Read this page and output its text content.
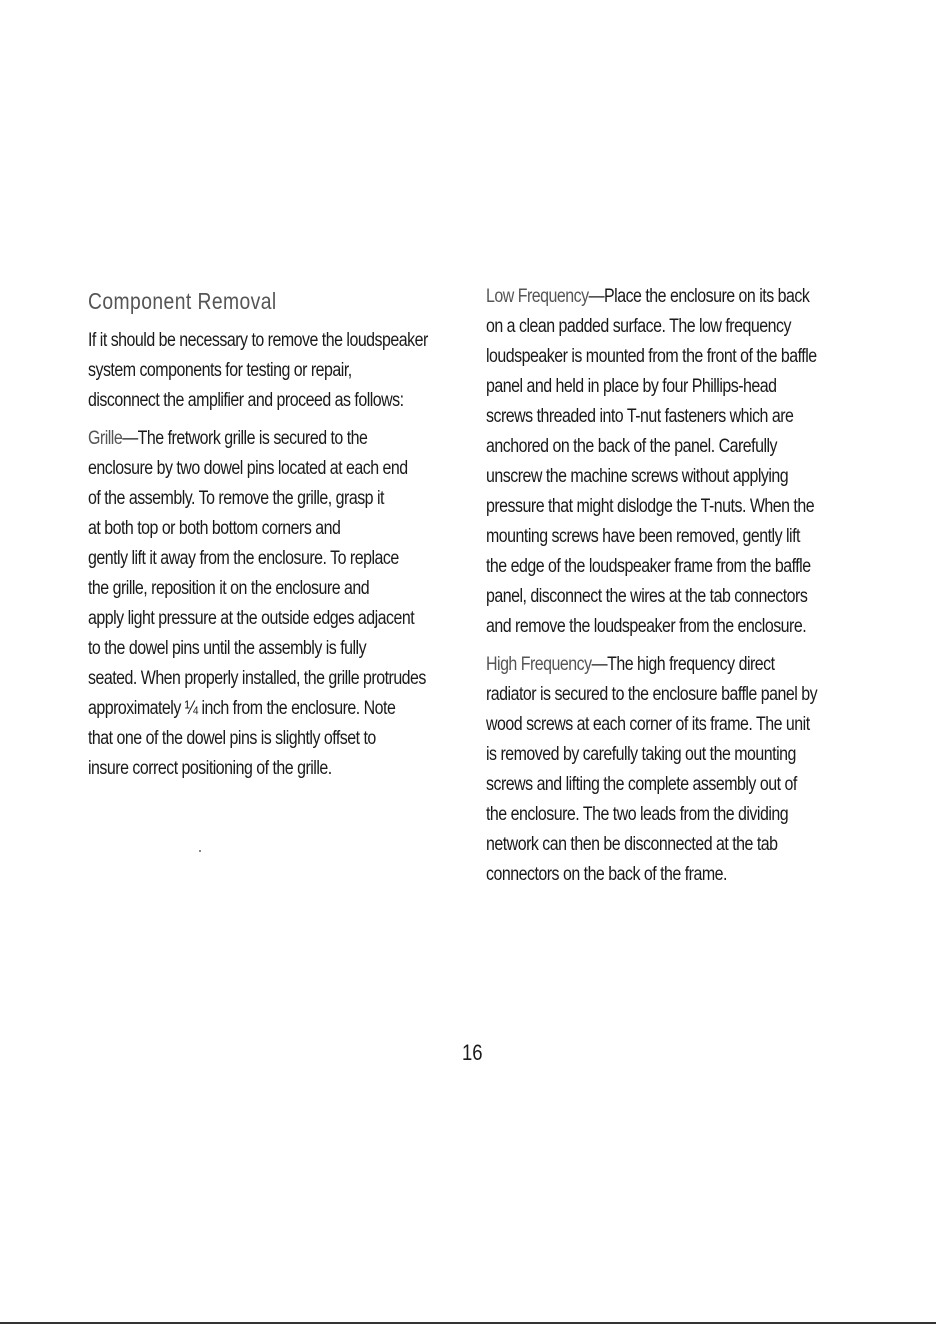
Component Removal

If it should be necessary to remove the loudspeaker
system components for testing or repair,
disconnect the amplifier and proceed as follows:

Grille—The fretwork grille is secured to the
enclosure by two dowel pins located at each end
of the assembly. To remove the grille, grasp it
at both top or both bottom corners and
gently lift it away from the enclosure. To replace
the grille, reposition it on the enclosure and
apply light pressure at the outside edges adjacent
to the dowel pins until the assembly is fully
seated. When properly installed, the grille protrudes
approximately ¼ inch from the enclosure. Note
that one of the dowel pins is slightly offset to
insure correct positioning of the grille.

Low Frequency—Place the enclosure on its back
on a clean padded surface. The low frequency
loudspeaker is mounted from the front of the baffle
panel and held in place by four Phillips-head
screws threaded into T-nut fasteners which are
anchored on the back of the panel. Carefully
unscrew the machine screws without applying
pressure that might dislodge the T-nuts. When the
mounting screws have been removed, gently lift
the edge of the loudspeaker frame from the baffle
panel, disconnect the wires at the tab connectors
and remove the loudspeaker from the enclosure.

High Frequency—The high frequency direct
radiator is secured to the enclosure baffle panel by
wood screws at each corner of its frame. The unit
is removed by carefully taking out the mounting
screws and lifting the complete assembly out of
the enclosure. The two leads from the dividing
network can then be disconnected at the tab
connectors on the back of the frame.

16
